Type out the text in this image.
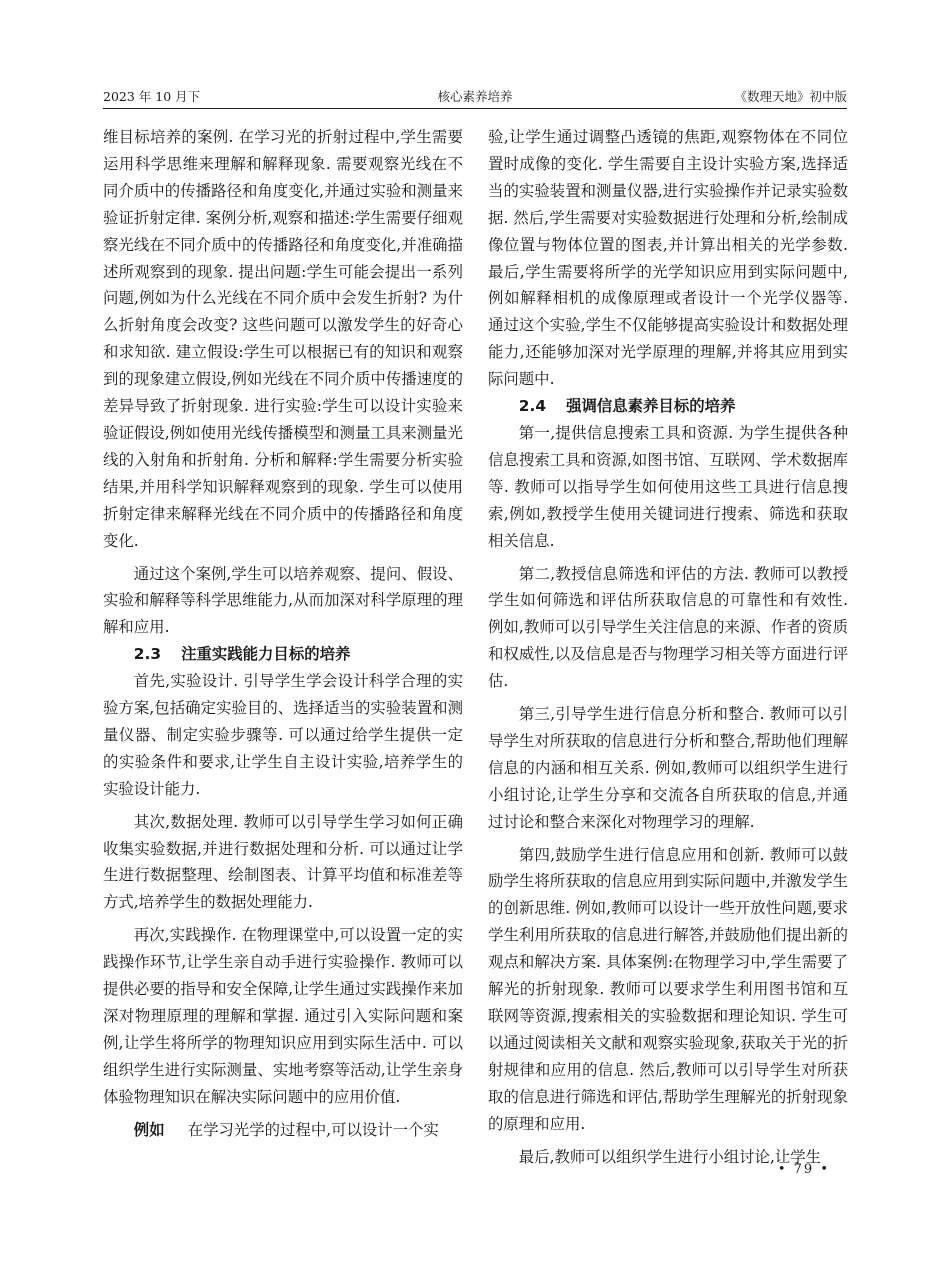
2023 年 10 月下	核心素养培养	《数理天地》初中版

维目标培养的案例. 在学习光的折射过程中,学生需要运用科学思维来理解和解释现象. 需要观察光线在不同介质中的传播路径和角度变化,并通过实验和测量来验证折射定律. 案例分析,观察和描述:学生需要仔细观察光线在不同介质中的传播路径和角度变化,并准确描述所观察到的现象. 提出问题:学生可能会提出一系列问题,例如为什么光线在不同介质中会发生折射? 为什么折射角度会改变? 这些问题可以激发学生的好奇心和求知欲. 建立假设:学生可以根据已有的知识和观察到的现象建立假设,例如光线在不同介质中传播速度的差异导致了折射现象. 进行实验:学生可以设计实验来验证假设,例如使用光线传播模型和测量工具来测量光线的入射角和折射角. 分析和解释:学生需要分析实验结果,并用科学知识解释观察到的现象. 学生可以使用折射定律来解释光线在不同介质中的传播路径和角度变化.

通过这个案例,学生可以培养观察、提问、假设、实验和解释等科学思维能力,从而加深对科学原理的理解和应用.

2.3 注重实践能力目标的培养

首先,实验设计. 引导学生学会设计科学合理的实验方案,包括确定实验目的、选择适当的实验装置和测量仪器、制定实验步骤等. 可以通过给学生提供一定的实验条件和要求,让学生自主设计实验,培养学生的实验设计能力.

其次,数据处理. 教师可以引导学生学习如何正确收集实验数据,并进行数据处理和分析. 可以通过让学生进行数据整理、绘制图表、计算平均值和标准差等方式,培养学生的数据处理能力.

再次,实践操作. 在物理课堂中,可以设置一定的实践操作环节,让学生亲自动手进行实验操作. 教师可以提供必要的指导和安全保障,让学生通过实践操作来加深对物理原理的理解和掌握. 通过引入实际问题和案例,让学生将所学的物理知识应用到实际生活中. 可以组织学生进行实际测量、实地考察等活动,让学生亲身体验物理知识在解决实际问题中的应用价值.

例如 在学习光学的过程中,可以设计一个实

验,让学生通过调整凸透镜的焦距,观察物体在不同位置时成像的变化. 学生需要自主设计实验方案,选择适当的实验装置和测量仪器,进行实验操作并记录实验数据. 然后,学生需要对实验数据进行处理和分析,绘制成像位置与物体位置的图表,并计算出相关的光学参数. 最后,学生需要将所学的光学知识应用到实际问题中,例如解释相机的成像原理或者设计一个光学仪器等. 通过这个实验,学生不仅能够提高实验设计和数据处理能力,还能够加深对光学原理的理解,并将其应用到实际问题中.

2.4 强调信息素养目标的培养

第一,提供信息搜索工具和资源. 为学生提供各种信息搜索工具和资源,如图书馆、互联网、学术数据库等. 教师可以指导学生如何使用这些工具进行信息搜索,例如,教授学生使用关键词进行搜索、筛选和获取相关信息.

第二,教授信息筛选和评估的方法. 教师可以教授学生如何筛选和评估所获取信息的可靠性和有效性. 例如,教师可以引导学生关注信息的来源、作者的资质和权威性,以及信息是否与物理学习相关等方面进行评估.

第三,引导学生进行信息分析和整合. 教师可以引导学生对所获取的信息进行分析和整合,帮助他们理解信息的内涵和相互关系. 例如,教师可以组织学生进行小组讨论,让学生分享和交流各自所获取的信息,并通过讨论和整合来深化对物理学习的理解.

第四,鼓励学生进行信息应用和创新. 教师可以鼓励学生将所获取的信息应用到实际问题中,并激发学生的创新思维. 例如,教师可以设计一些开放性问题,要求学生利用所获取的信息进行解答,并鼓励他们提出新的观点和解决方案. 具体案例:在物理学习中,学生需要了解光的折射现象. 教师可以要求学生利用图书馆和互联网等资源,搜索相关的实验数据和理论知识. 学生可以通过阅读相关文献和观察实验现象,获取关于光的折射规律和应用的信息. 然后,教师可以引导学生对所获取的信息进行筛选和评估,帮助学生理解光的折射现象的原理和应用.

最后,教师可以组织学生进行小组讨论,让学生

• 79 •
